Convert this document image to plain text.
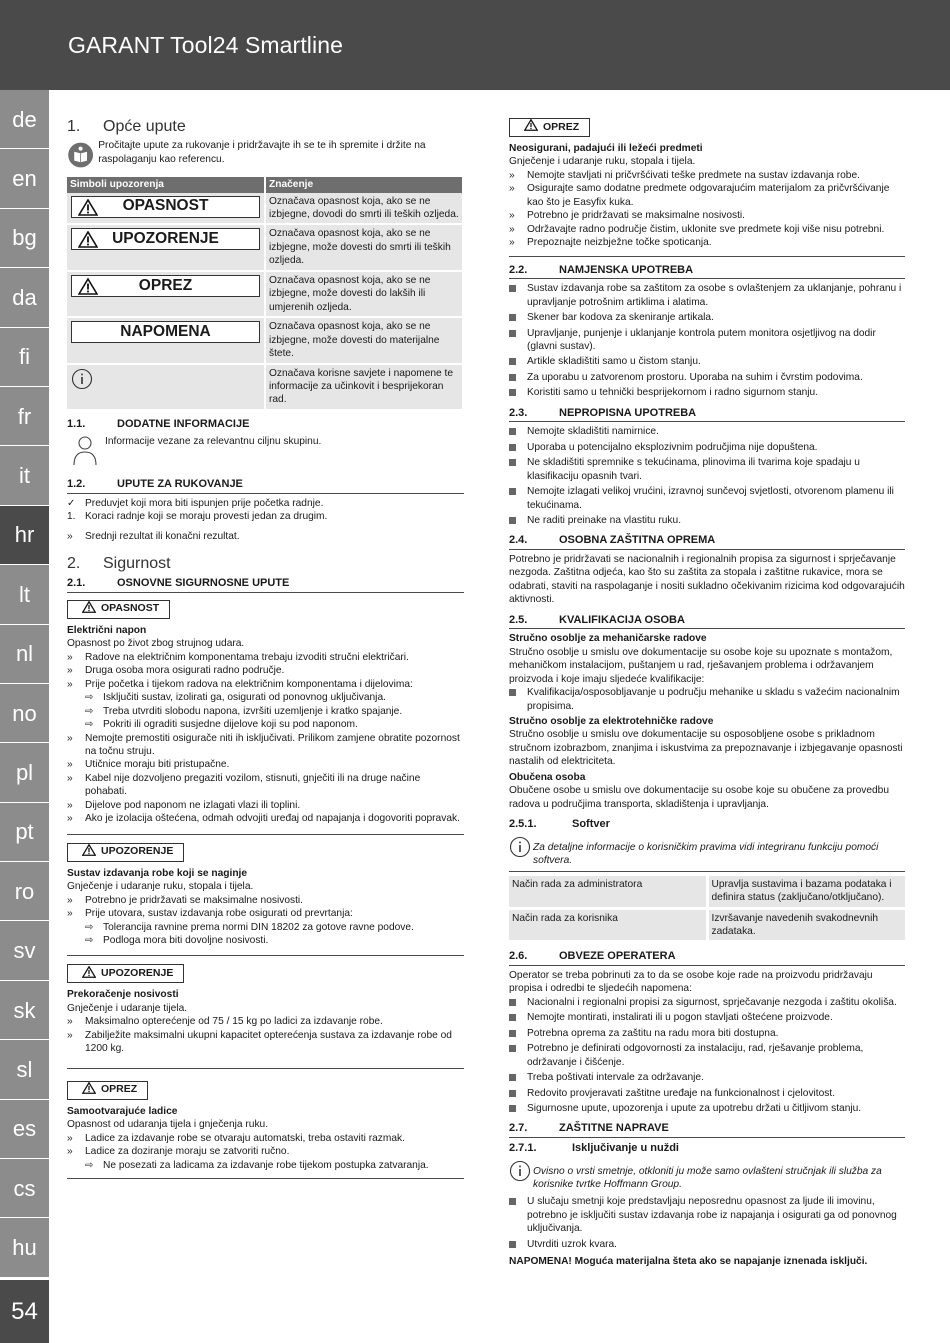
GARANT Tool24 Smartline
de
en
bg
da
fi
fr
it
hr
lt
nl
no
pl
pt
ro
sv
sk
sl
es
cs
hu
54
1.	Opće upute

Pročitajte upute za rukovanje i pridržavajte ih se te ih spremite i držite na raspolaganju kao referencu.

Simboli upozorenja	Značenje

OPASNOST	Označava opasnost koja, ako se ne izbjegne, dovodi do smrti ili teških ozljeda.

UPOZORENJE	Označava opasnost koja, ako se ne izbjegne, može dovesti do smrti ili teških ozljeda.

OPREZ	Označava opasnost koja, ako se ne izbjegne, može dovesti do lakših ili umjerenih ozljeda.

NAPOMENA	Označava opasnost koja, ako se ne izbjegne, može dovesti do materijalne štete.
	Označava korisne savjete i napomene te informacije za učinkovit i besprijekoran rad.
1.1.	DODATNE INFORMACIJE

Informacije vezane za relevantnu ciljnu skupinu.

1.2.	UPUTE ZA RUKOVANJE
✓ Preduvjet koji mora biti ispunjen prije početka radnje.
1. Koraci radnje koji se moraju provesti jedan za drugim.
»	Srednji rezultat ili konačni rezultat.
2.	Sigurnost
2.1.	OSNOVNE SIGURNOSNE UPUTE
OPASNOST
Električni napon

Opasnost po život zbog strujnog udara.

»	Radove na električnim komponentama trebaju izvoditi stručni električari.
»	Druga osoba mora osigurati radno područje.
»	Prije početka i tijekom radova na električnim komponentama i dijelovima:
⇨ Isključiti sustav, izolirati ga, osigurati od ponovnog uključivanja.
⇨ Treba utvrditi slobodu napona, izvršiti uzemljenje i kratko spajanje.
⇨ Pokriti ili ograditi susjedne dijelove koji su pod naponom.
»	Nemojte premostiti osigurače niti ih isključivati. Prilikom zamjene obratite pozornost na točnu struju.
»	Utičnice moraju biti pristupačne.
»	Kabel nije dozvoljeno pregaziti vozilom, stisnuti, gnječiti ili na druge načine pohabati.
»	Dijelove pod naponom ne izlagati vlazi ili toplini.
»	Ako je izolacija oštećena, odmah odvojiti uređaj od napajanja i dogovoriti popravak.
UPOZORENJE
Sustav izdavanja robe koji se naginje

Gnječenje i udaranje ruku, stopala i tijela.

»	Potrebno je pridržavati se maksimalne nosivosti.
»	Prije utovara, sustav izdavanja robe osigurati od prevrtanja:
⇨ Tolerancija ravnine prema normi DIN 18202 za gotove ravne podove.
⇨ Podloga mora biti dovoljne nosivosti.
UPOZORENJE
Prekoračenje nosivosti

Gnječenje i udaranje tijela.

»	Maksimalno opterećenje od 75 / 15 kg po ladici za izdavanje robe.
»	Zabilježite maksimalni ukupni kapacitet opterećenja sustava za izdavanje robe od 1200 kg.
OPREZ
Samootvarajuće ladice

Opasnost od udaranja tijela i gnječenja ruku.

»	Ladice za izdavanje robe se otvaraju automatski, treba ostaviti razmak.
»	Ladice za doziranje moraju se zatvoriti ručno.
⇨ Ne posezati za ladicama za izdavanje robe tijekom postupka zatvaranja.
OPREZ
Neosigurani, padajući ili ležeći predmeti

Gnječenje i udaranje ruku, stopala i tijela.

»	Nemojte stavljati ni pričvršćivati teške predmete na sustav izdavanja robe.
»	Osigurajte samo dodatne predmete odgovarajućim materijalom za pričvršćivanje kao što je Easyfix kuka.
»	Potrebno je pridržavati se maksimalne nosivosti.
»	Održavajte radno područje čistim, uklonite sve predmete koji više nisu potrebni.
»	Prepoznajte neizbježne točke spoticanja.
2.2.	NAMJENSKA UPOTREBA
Sustav izdavanja robe sa zaštitom za osobe s ovlaštenjem za uklanjanje, pohranu i upravljanje potrošnim artiklima i alatima.
Skener bar kodova za skeniranje artikala.
Upravljanje, punjenje i uklanjanje kontrola putem monitora osjetljivog na dodir (glavni sustav).
Artikle skladištiti samo u čistom stanju.
Za uporabu u zatvorenom prostoru. Uporaba na suhim i čvrstim podovima.
Koristiti samo u tehnički besprijekornom i radno sigurnom stanju.
2.3.	NEPROPISNA UPOTREBA
Nemojte skladištiti namirnice.
Uporaba u potencijalno eksplozivnim područjima nije dopuštena.
Ne skladištiti spremnike s tekućinama, plinovima ili tvarima koje spadaju u klasifikaciju opasnih tvari.
Nemojte izlagati velikoj vrućini, izravnoj sunčevoj svjetlosti, otvorenom plamenu ili tekućinama.
Ne raditi preinake na vlastitu ruku.
2.4.	OSOBNA ZAŠTITNA OPREMA

Potrebno je pridržavati se nacionalnih i regionalnih propisa za sigurnost i sprječavanje nezgoda. Zaštitna odjeća, kao što su zaštita za stopala i zaštitne rukavice, mora se odabrati, staviti na raspolaganje i nositi sukladno očekivanim rizicima kod odgovarajućih aktivnosti.

2.5.	KVALIFIKACIJA OSOBA
Stručno osoblje za mehaničarske radove

Stručno osoblje u smislu ove dokumentacije su osobe koje su upoznate s montažom, mehaničkom instalacijom, puštanjem u rad, rješavanjem problema i održavanjem proizvoda i koje imaju sljedeće kvalifikacije:

Kvalifikacija/osposobljavanje u području mehanike u skladu s važećim nacionalnim propisima.
Stručno osoblje za elektrotehničke radove

Stručno osoblje u smislu ove dokumentacije su osposobljene osobe s prikladnom stručnom izobrazbom, znanjima i iskustvima za prepoznavanje i izbjegavanje opasnosti nastalih od elektriciteta.

Obučena osoba

Obučene osobe u smislu ove dokumentacije su osobe koje su obučene za provedbu radova u područjima transporta, skladištenja i upravljanja.

2.5.1.	Softver

Za detaljne informacije o korisničkim pravima vidi integriranu funkciju pomoći softvera.

Način rada za administratora	Upravlja sustavima i bazama podataka i definira status (zaključano/otključano).
Način rada za korisnika	Izvršavanje navedenih svakodnevnih zadataka.
2.6.	OBVEZE OPERATERA

Operator se treba pobrinuti za to da se osobe koje rade na proizvodu pridržavaju propisa i odredbi te sljedećih napomena:

Nacionalni i regionalni propisi za sigurnost, sprječavanje nezgoda i zaštitu okoliša.
Nemojte montirati, instalirati ili u pogon stavljati oštećene proizvode.
Potrebna oprema za zaštitu na radu mora biti dostupna.
Potrebno je definirati odgovornosti za instalaciju, rad, rješavanje problema, održavanje i čišćenje.
Treba poštivati intervale za održavanje.
Redovito provjeravati zaštitne uređaje na funkcionalnost i cjelovitost.
Sigurnosne upute, upozorenja i upute za upotrebu držati u čitljivom stanju.
2.7.	ZAŠTITNE NAPRAVE
2.7.1.	Isključivanje u nuždi

Ovisno o vrsti smetnje, otkloniti ju može samo ovlašteni stručnjak ili služba za korisnike tvrtke Hoffmann Group.

U slučaju smetnji koje predstavljaju neposrednu opasnost za ljude ili imovinu, potrebno je isključiti sustav izdavanja robe iz napajanja i osigurati ga od ponovnog uključivanja.
Utvrditi uzrok kvara.

NAPOMENA! Moguća materijalna šteta ako se napajanje iznenada isključi.
